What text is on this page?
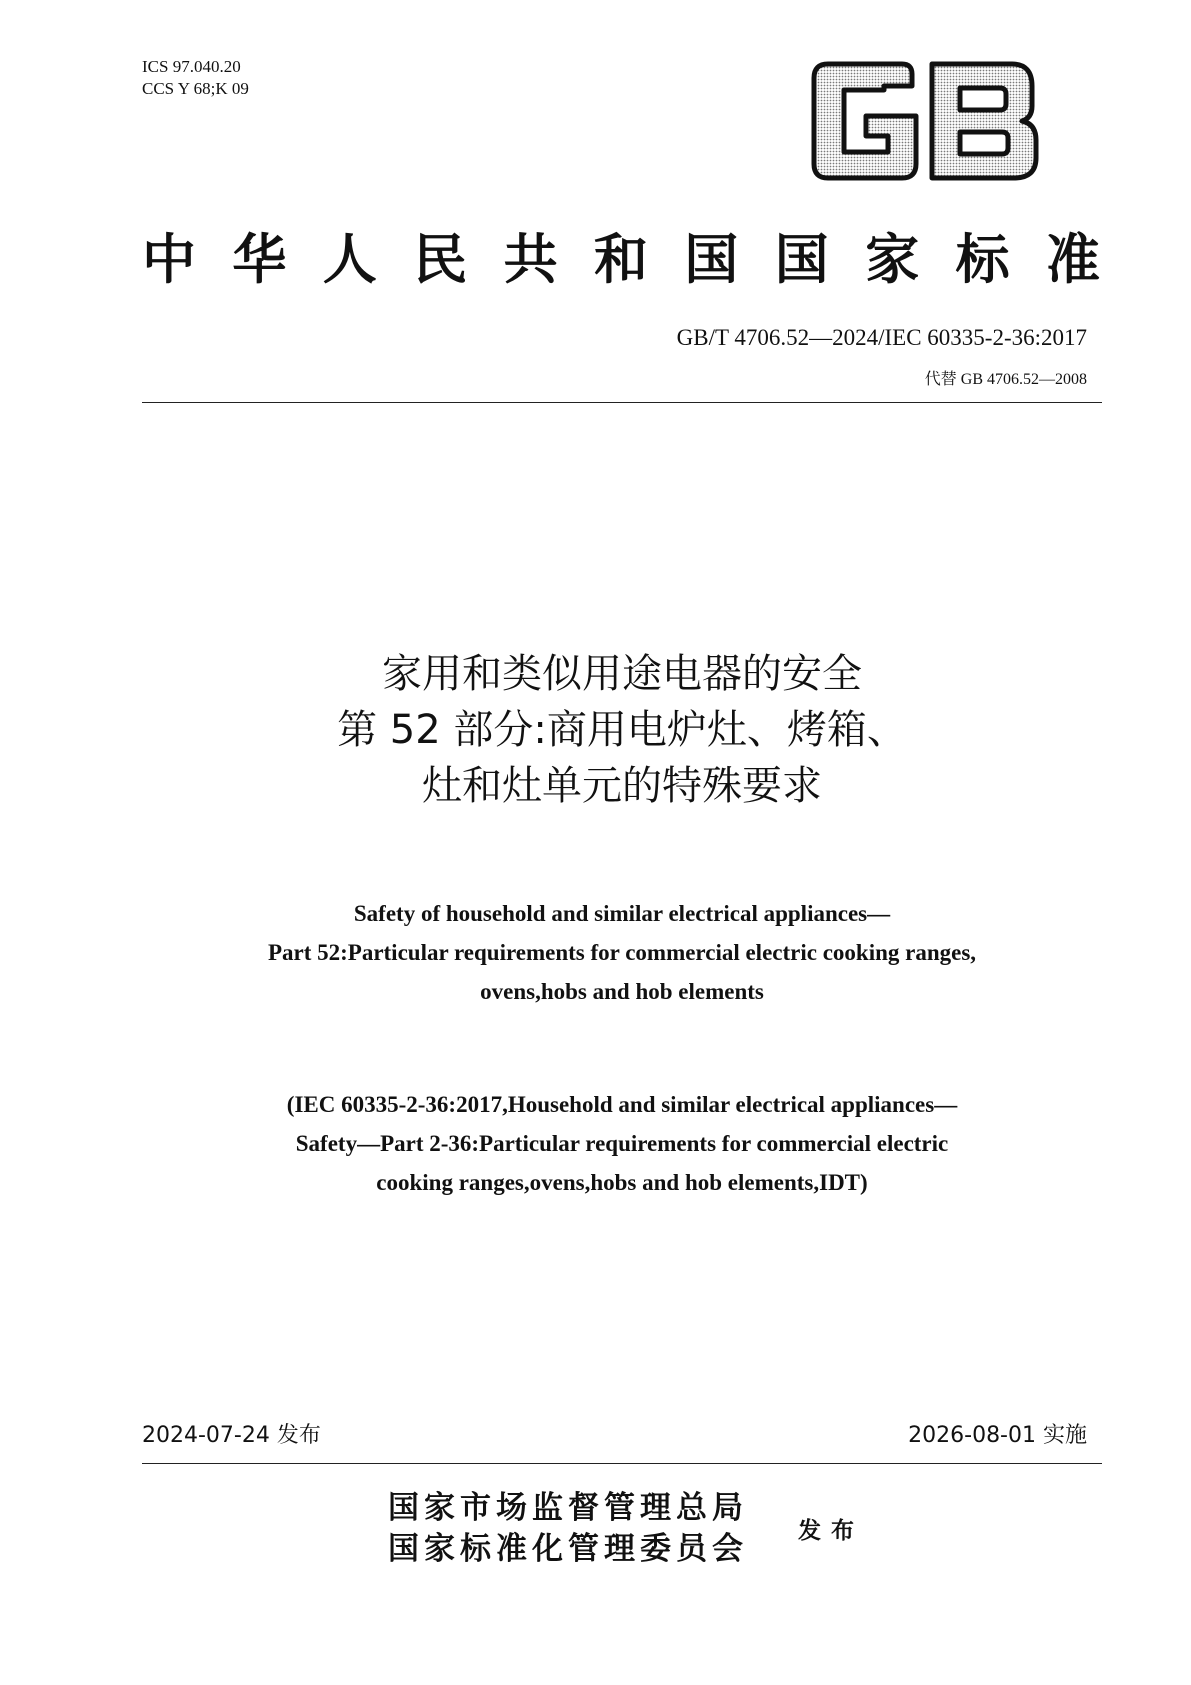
ICS 97.040.20
CCS Y 68;K 09
GB
中华人民共和国国家标准
GB/T 4706.52—2024/IEC 60335-2-36:2017
代替 GB 4706.52—2008
家用和类似用途电器的安全
第 52 部分:商用电炉灶、烤箱、
灶和灶单元的特殊要求
Safety of household and similar electrical appliances—
Part 52:Particular requirements for commercial electric cooking ranges,
ovens,hobs and hob elements
(IEC 60335-2-36:2017,Household and similar electrical appliances—
Safety—Part 2-36:Particular requirements for commercial electric
cooking ranges,ovens,hobs and hob elements,IDT)
2024-07-24 发布	2026-08-01 实施
国家市场监督管理总局
国家标准化管理委员会
发布
